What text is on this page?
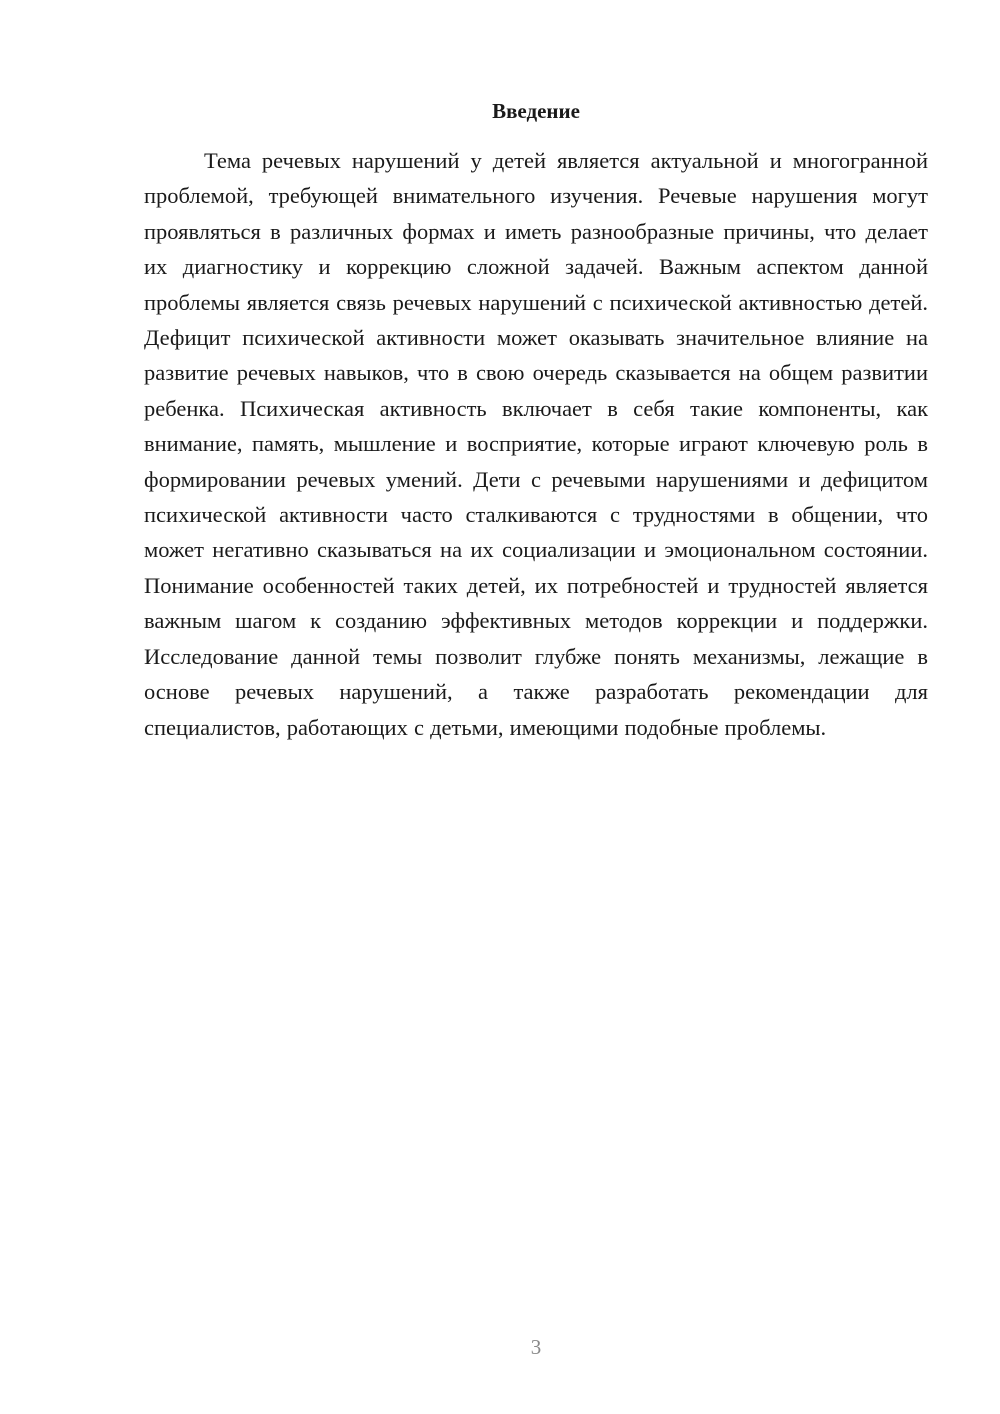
Введение

Тема речевых нарушений у детей является актуальной и многогранной проблемой, требующей внимательного изучения. Речевые нарушения могут проявляться в различных формах и иметь разнообразные причины, что делает их диагностику и коррекцию сложной задачей. Важным аспектом данной проблемы является связь речевых нарушений с психической активностью детей. Дефицит психической активности может оказывать значительное влияние на развитие речевых навыков, что в свою очередь сказывается на общем развитии ребенка. Психическая активность включает в себя такие компоненты, как внимание, память, мышление и восприятие, которые играют ключевую роль в формировании речевых умений. Дети с речевыми нарушениями и дефицитом психической активности часто сталкиваются с трудностями в общении, что может негативно сказываться на их социализации и эмоциональном состоянии. Понимание особенностей таких детей, их потребностей и трудностей является важным шагом к созданию эффективных методов коррекции и поддержки. Исследование данной темы позволит глубже понять механизмы, лежащие в основе речевых нарушений, а также разработать рекомендации для специалистов, работающих с детьми, имеющими подобные проблемы.

3
